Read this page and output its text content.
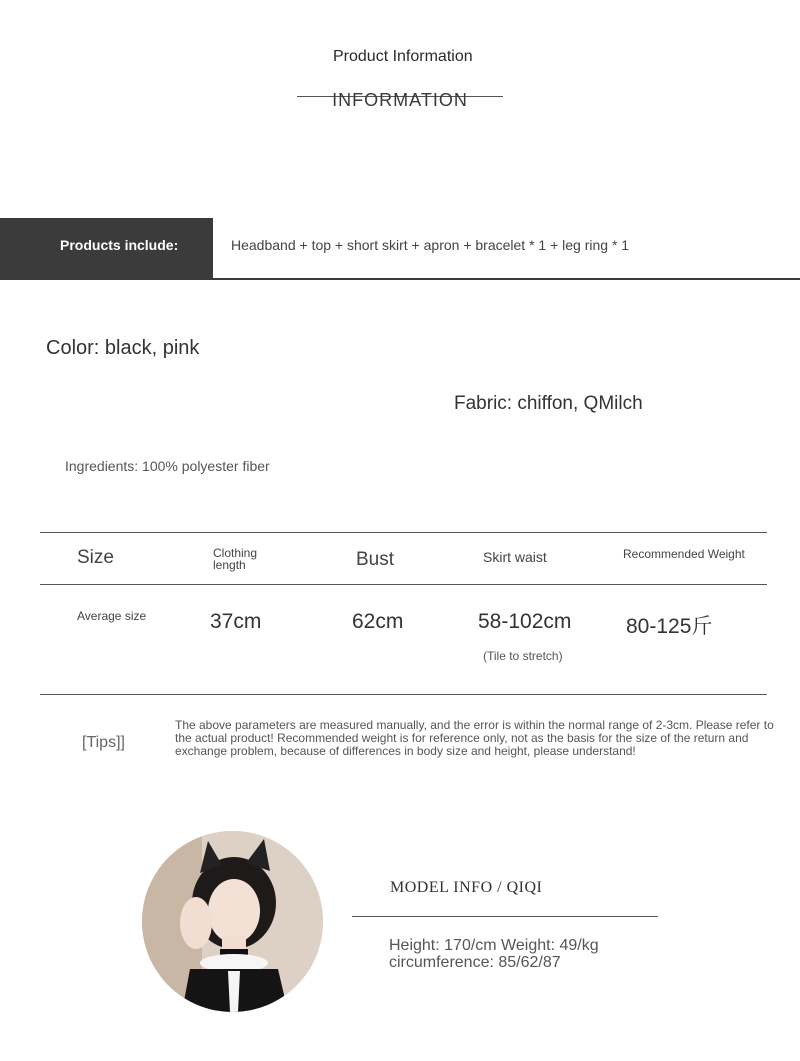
Product Information
INFORMATION
Products include:	Headband + top + short skirt + apron + bracelet * 1 + leg ring * 1
Color: black, pink
Fabric: chiffon, QMilch
Ingredients: 100% polyester fiber
Size	Clothing length	Bust	Skirt waist	Recommended Weight
Average size	37cm	62cm	58-102cm	80-125斤
(Tile to stretch)
[Tips]]
The above parameters are measured manually, and the error is within the normal range of 2-3cm. Please refer to the actual product! Recommended weight is for reference only, not as the basis for the size of the return and exchange problem, because of differences in body size and height, please understand!
MODEL INFO / QIQI
Height: 170/cm Weight: 49/kg circumference: 85/62/87
